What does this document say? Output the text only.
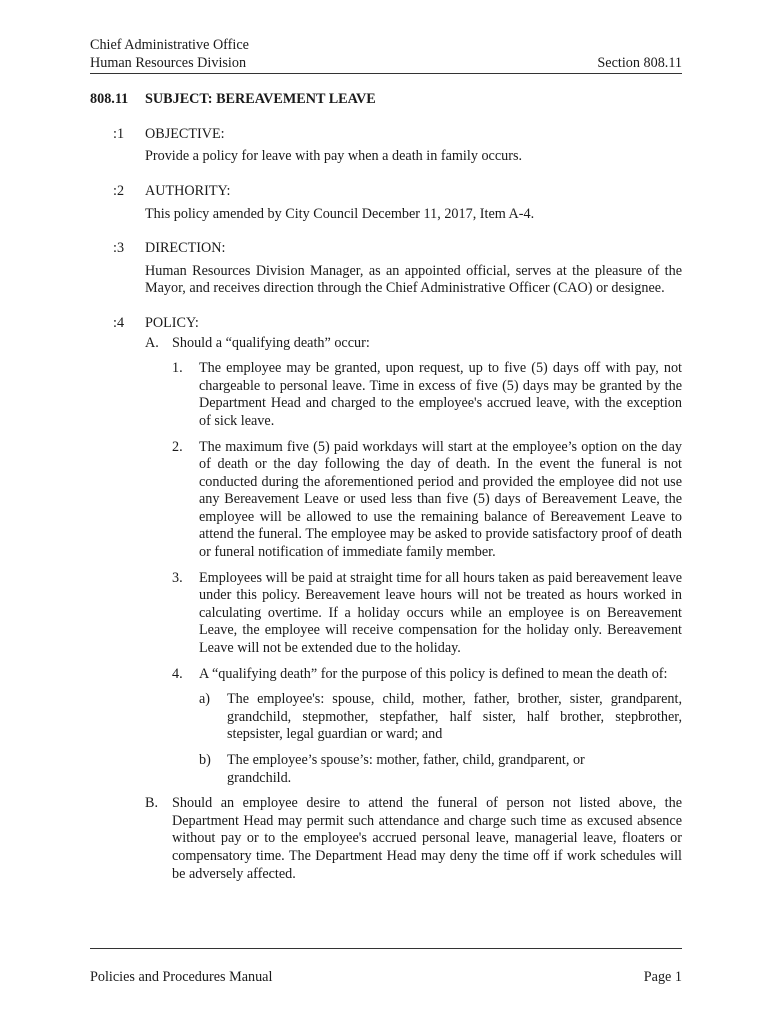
Chief Administrative Office
Human Resources Division	Section 808.11
808.11 SUBJECT: BEREAVEMENT LEAVE
:1	OBJECTIVE:
Provide a policy for leave with pay when a death in family occurs.
:2	AUTHORITY:
This policy amended by City Council December 11, 2017, Item A-4.
:3	DIRECTION:
Human Resources Division Manager, as an appointed official, serves at the pleasure of the Mayor, and receives direction through the Chief Administrative Officer (CAO) or designee.
:4	POLICY:
A. Should a “qualifying death” occur:
1.	The employee may be granted, upon request, up to five (5) days off with pay, not chargeable to personal leave. Time in excess of five (5) days may be granted by the Department Head and charged to the employee's accrued leave, with the exception of sick leave.
2.	The maximum five (5) paid workdays will start at the employee’s option on the day of death or the day following the day of death. In the event the funeral is not conducted during the aforementioned period and provided the employee did not use any Bereavement Leave or used less than five (5) days of Bereavement Leave, the employee will be allowed to use the remaining balance of Bereavement Leave to attend the funeral. The employee may be asked to provide satisfactory proof of death or funeral notification of immediate family member.
3.	Employees will be paid at straight time for all hours taken as paid bereavement leave under this policy. Bereavement leave hours will not be treated as hours worked in calculating overtime. If a holiday occurs while an employee is on Bereavement Leave, the employee will receive compensation for the holiday only. Bereavement Leave will not be extended due to the holiday.
4.	A “qualifying death” for the purpose of this policy is defined to mean the death of:
a)	The employee's: spouse, child, mother, father, brother, sister, grandparent, grandchild, stepmother, stepfather, half sister, half brother, stepbrother, stepsister, legal guardian or ward; and
b)	The employee’s spouse’s: mother, father, child, grandparent, or grandchild.
B. Should an employee desire to attend the funeral of person not listed above, the Department Head may permit such attendance and charge such time as excused absence without pay or to the employee's accrued personal leave, managerial leave, floaters or compensatory time. The Department Head may deny the time off if work schedules will be adversely affected.
Policies and Procedures Manual	Page 1
